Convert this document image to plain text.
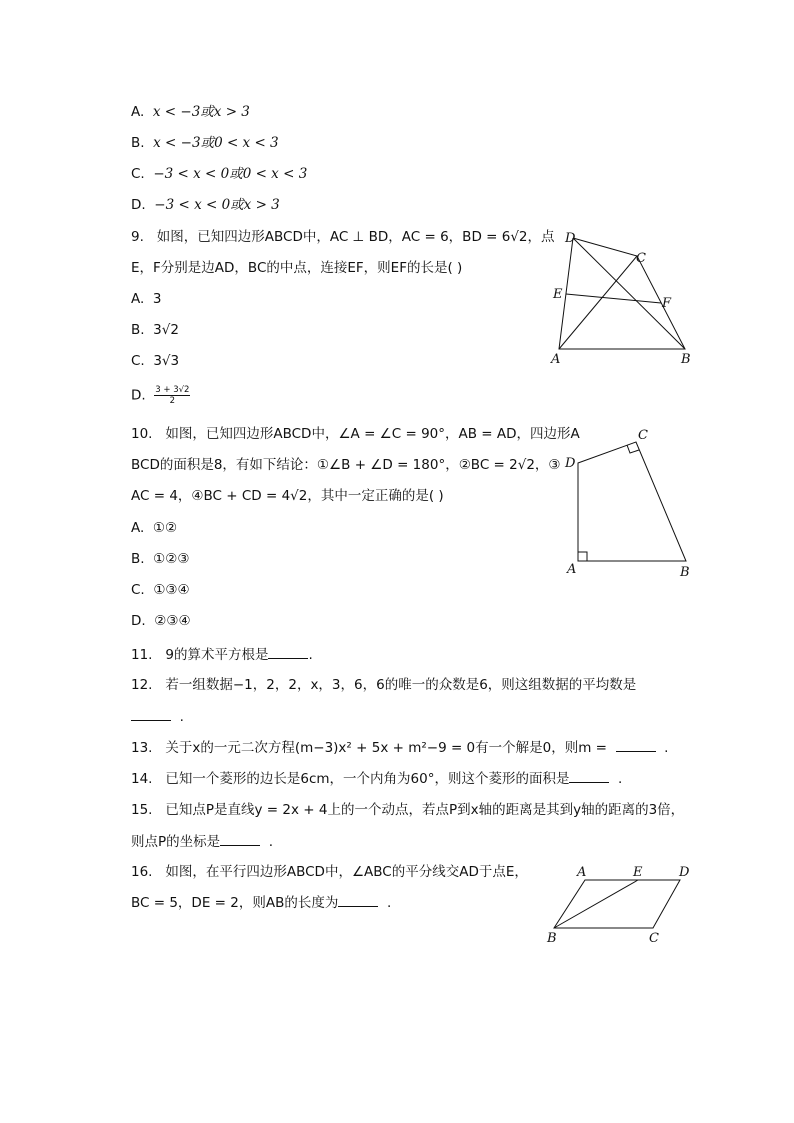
A. x < −3或x > 3
B. x < −3或0 < x < 3
C. −3 < x < 0或0 < x < 3
D. −3 < x < 0或x > 3
9. 如图，已知四边形ABCD中，AC ⊥ BD，AC = 6，BD = 6√2，点
E，F分别是边AD，BC的中点，连接EF，则EF的长是( )
A. 3
B. 3√2
C. 3√3
D. $\frac{3 + 3√2}{2}$
D
C
E
F
A	B
10. 如图，已知四边形ABCD中，∠A = ∠C = 90°，AB = AD，四边形A
BCD的面积是8，有如下结论：①∠B + ∠D = 180°，②BC = 2√2，③
AC = 4，④BC + CD = 4√2，其中一定正确的是( )
A. ①②
B. ①②③
C. ①③④
D. ②③④
D
C
A	B
11. 9的算术平方根是	.
12. 若一组数据−1，2，2，x，3，6，6的唯一的众数是6，则这组数据的平均数是
.
13. 关于x的一元二次方程(m−3)x² + 5x + m²−9 = 0有一个解是0，则m =	.
14. 已知一个菱形的边长是6cm，一个内角为60°，则这个菱形的面积是	.
15. 已知点P是直线y = 2x + 4上的一个动点，若点P到x轴的距离是其到y轴的距离的3倍，
则点P的坐标是	.
16. 如图，在平行四边形ABCD中，∠ABC的平分线交AD于点E，
BC = 5，DE = 2，则AB的长度为	.
A	E	D
B	C
